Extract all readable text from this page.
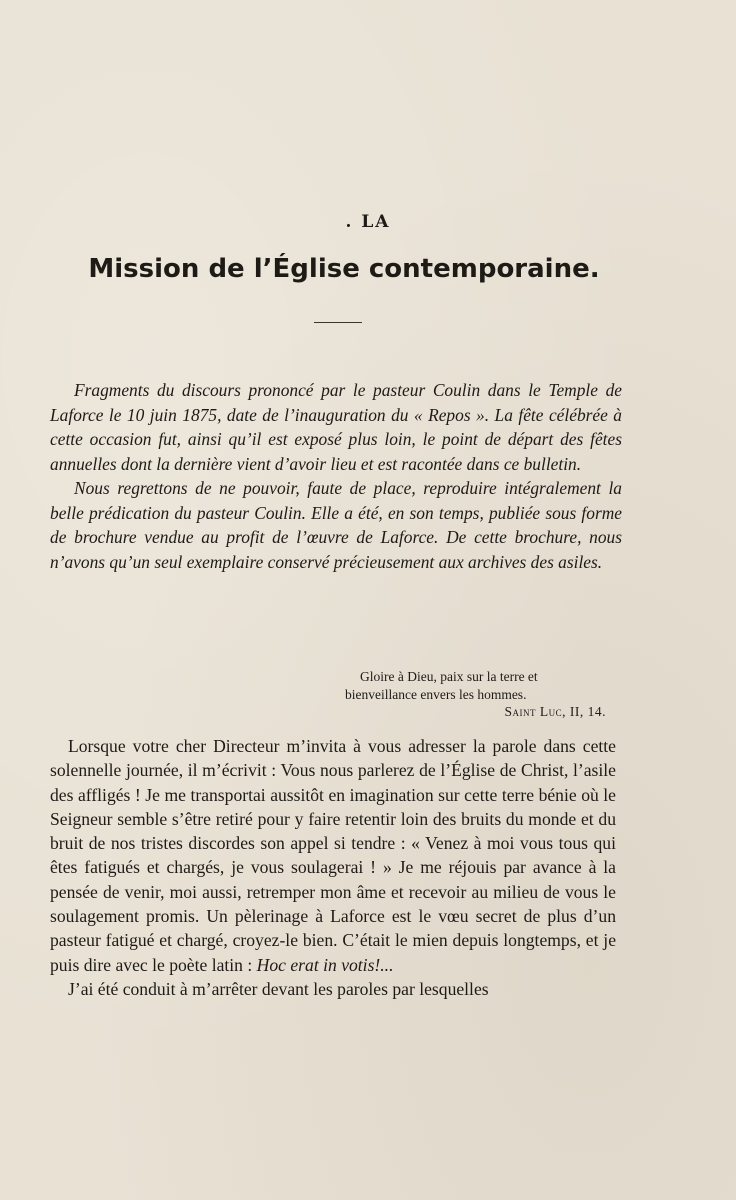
. LA
Mission de l’Église contemporaine.

Fragments du discours prononcé par le pasteur Coulin dans le Temple de Laforce le 10 juin 1875, date de l’inauguration du « Repos ». La fête célébrée à cette occasion fut, ainsi qu’il est exposé plus loin, le point de départ des fêtes annuelles dont la dernière vient d’avoir lieu et est racontée dans ce bulletin.

Nous regrettons de ne pouvoir, faute de place, reproduire intégralement la belle prédication du pasteur Coulin. Elle a été, en son temps, publiée sous forme de brochure vendue au profit de l’œuvre de Laforce. De cette brochure, nous n’avons qu’un seul exemplaire conservé précieusement aux archives des asiles.

Gloire à Dieu, paix sur la terre et
bienveillance envers les hommes.
Saint Luc, II, 14.

Lorsque votre cher Directeur m’invita à vous adresser la parole dans cette solennelle journée, il m’écrivit : Vous nous parlerez de l’Église de Christ, l’asile des affligés ! Je me transportai aussitôt en imagination sur cette terre bénie où le Seigneur semble s’être retiré pour y faire retentir loin des bruits du monde et du bruit de nos tristes discordes son appel si tendre : « Venez à moi vous tous qui êtes fatigués et chargés, je vous soulagerai ! » Je me réjouis par avance à la pensée de venir, moi aussi, retremper mon âme et recevoir au milieu de vous le soulagement promis. Un pèlerinage à Laforce est le vœu secret de plus d’un pasteur fatigué et chargé, croyez-le bien. C’était le mien depuis longtemps, et je puis dire avec le poète latin : Hoc erat in votis!...

J’ai été conduit à m’arrêter devant les paroles par lesquelles
